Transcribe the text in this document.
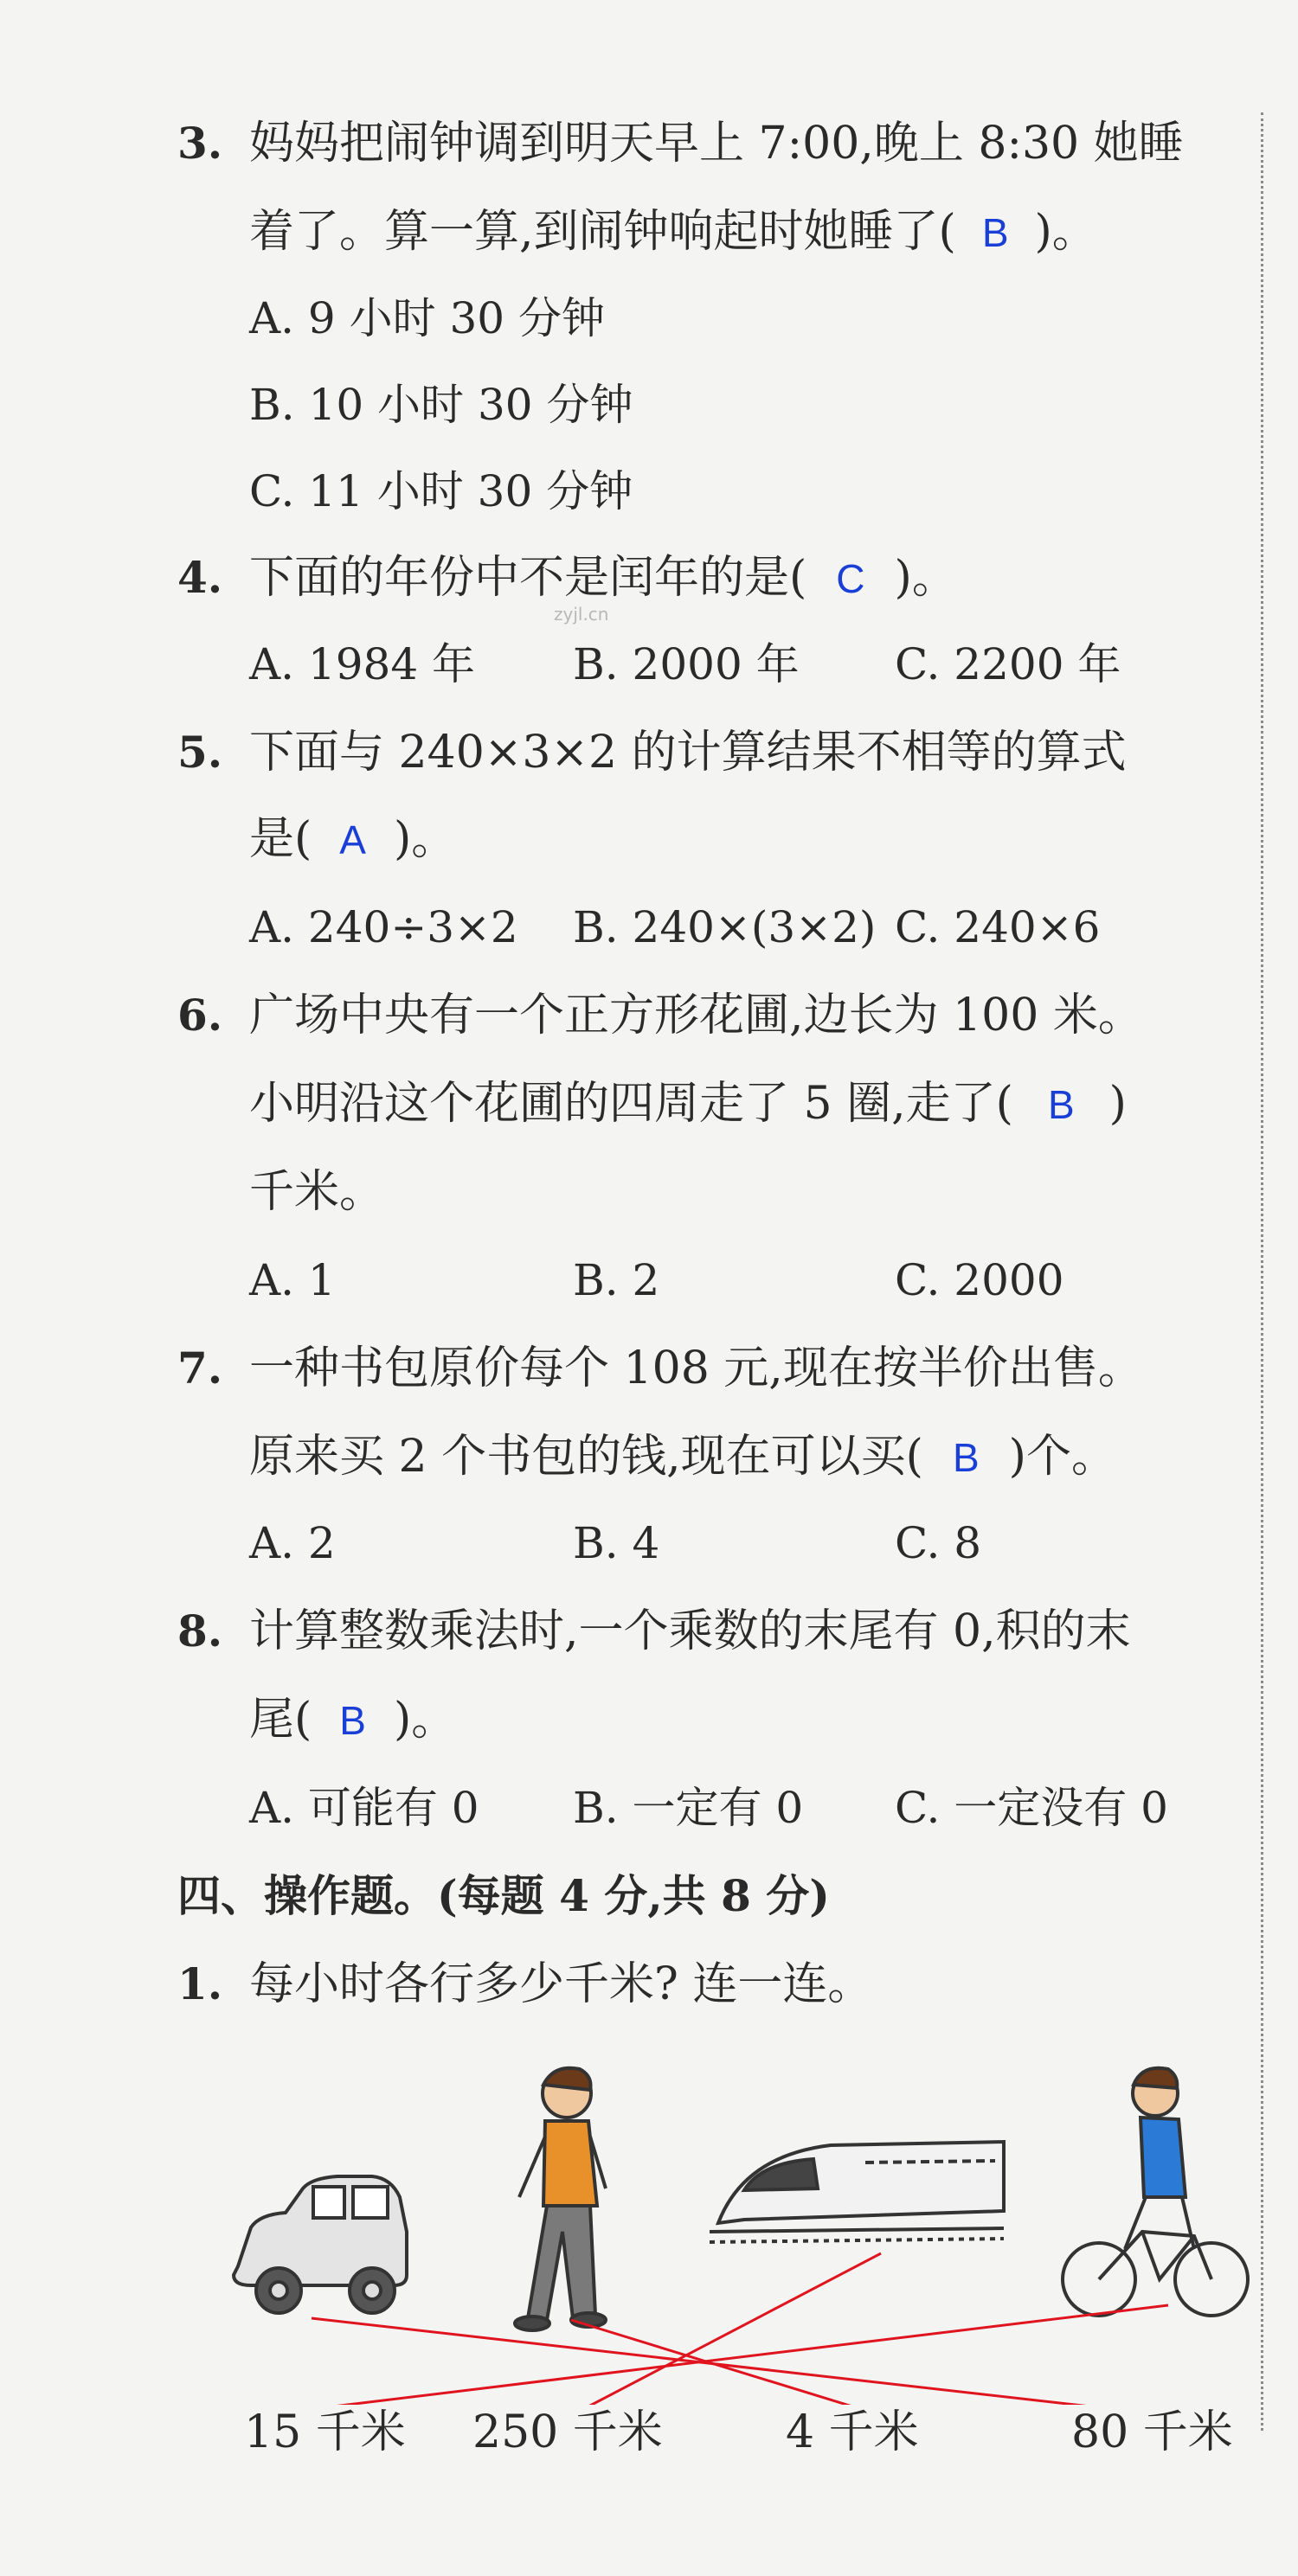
3. 妈妈把闹钟调到明天早上 7:00,晚上 8:30 她睡
着了。算一算,到闹钟响起时她睡了( B )。
A. 9 小时 30 分钟
B. 10 小时 30 分钟
C. 11 小时 30 分钟
4. 下面的年份中不是闰年的是( C )。
zyjl.cn
A. 1984 年 B. 2000 年 C. 2200 年
5. 下面与 240×3×2 的计算结果不相等的算式
是( A )。
A. 240÷3×2 B. 240×(3×2) C. 240×6
6. 广场中央有一个正方形花圃,边长为 100 米。
小明沿这个花圃的四周走了 5 圈,走了( B )
千米。
A. 1	B. 2	C. 2000
7. 一种书包原价每个 108 元,现在按半价出售。
原来买 2 个书包的钱,现在可以买( B )个。
A. 2	B. 4	C. 8
8. 计算整数乘法时,一个乘数的末尾有 0,积的末
尾( B )。
A. 可能有 0 B. 一定有 0 C. 一定没有 0
四、操作题。(每题 4 分,共 8 分)
1. 每小时各行多少千米? 连一连。
15 千米 250 千米	4 千米	80 千米
